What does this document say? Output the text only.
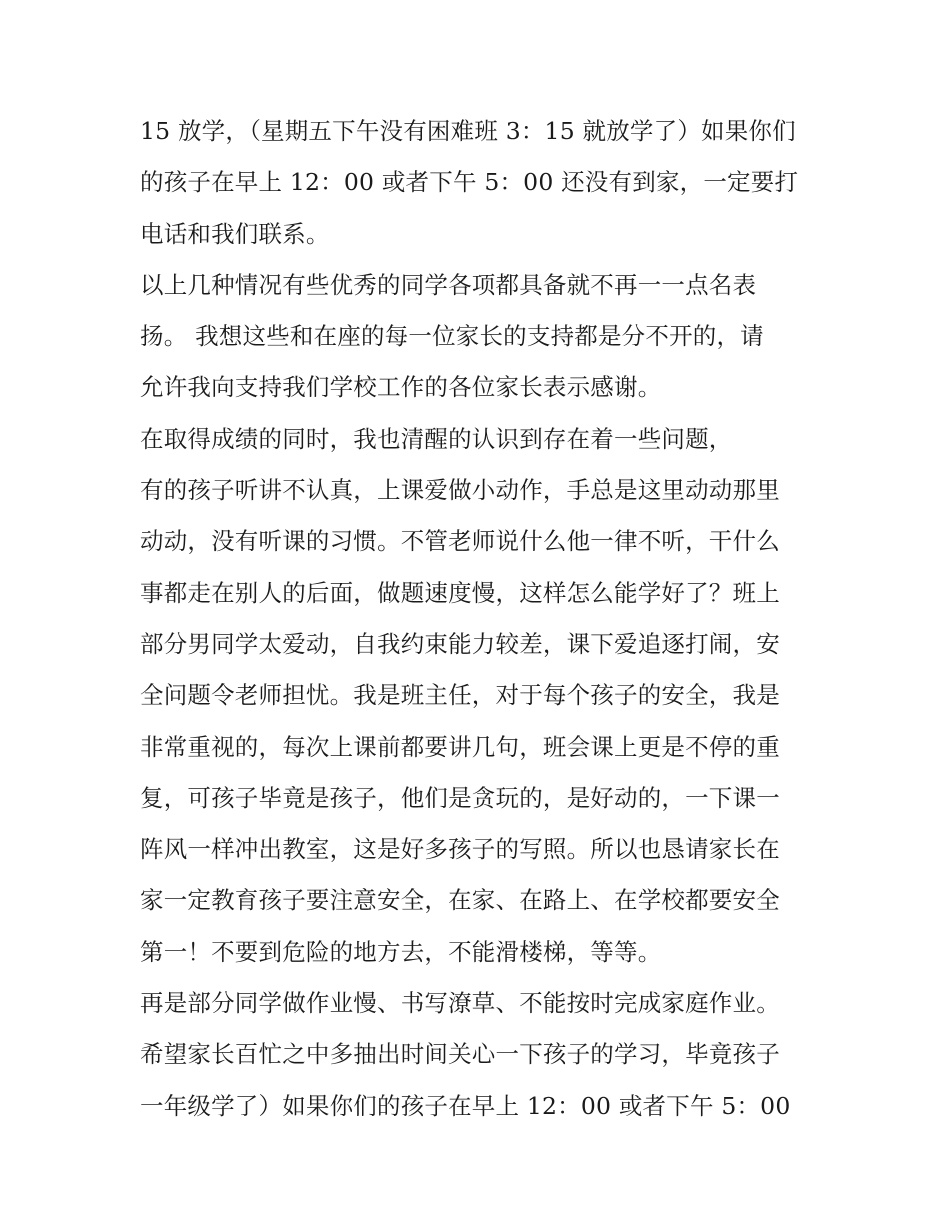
15 放学，（星期五下午没有困难班 3：15 就放学了）如果你们
的孩子在早上 12：00 或者下午 5：00 还没有到家，一定要打
电话和我们联系。
以上几种情况有些优秀的同学各项都具备就不再一一点名表
扬。 我想这些和在座的每一位家长的支持都是分不开的，请
允许我向支持我们学校工作的各位家长表示感谢。
在取得成绩的同时，我也清醒的认识到存在着一些问题，
有的孩子听讲不认真，上课爱做小动作，手总是这里动动那里
动动，没有听课的习惯。不管老师说什么他一律不听，干什么
事都走在别人的后面，做题速度慢，这样怎么能学好了？班上
部分男同学太爱动，自我约束能力较差，课下爱追逐打闹，安
全问题令老师担忧。我是班主任，对于每个孩子的安全，我是
非常重视的，每次上课前都要讲几句，班会课上更是不停的重
复，可孩子毕竟是孩子，他们是贪玩的，是好动的，一下课一
阵风一样冲出教室，这是好多孩子的写照。所以也恳请家长在
家一定教育孩子要注意安全，在家、在路上、在学校都要安全
第一！不要到危险的地方去，不能滑楼梯，等等。
再是部分同学做作业慢、书写潦草、不能按时完成家庭作业。
希望家长百忙之中多抽出时间关心一下孩子的学习，毕竟孩子
一年级学了）如果你们的孩子在早上 12：00 或者下午 5：00
